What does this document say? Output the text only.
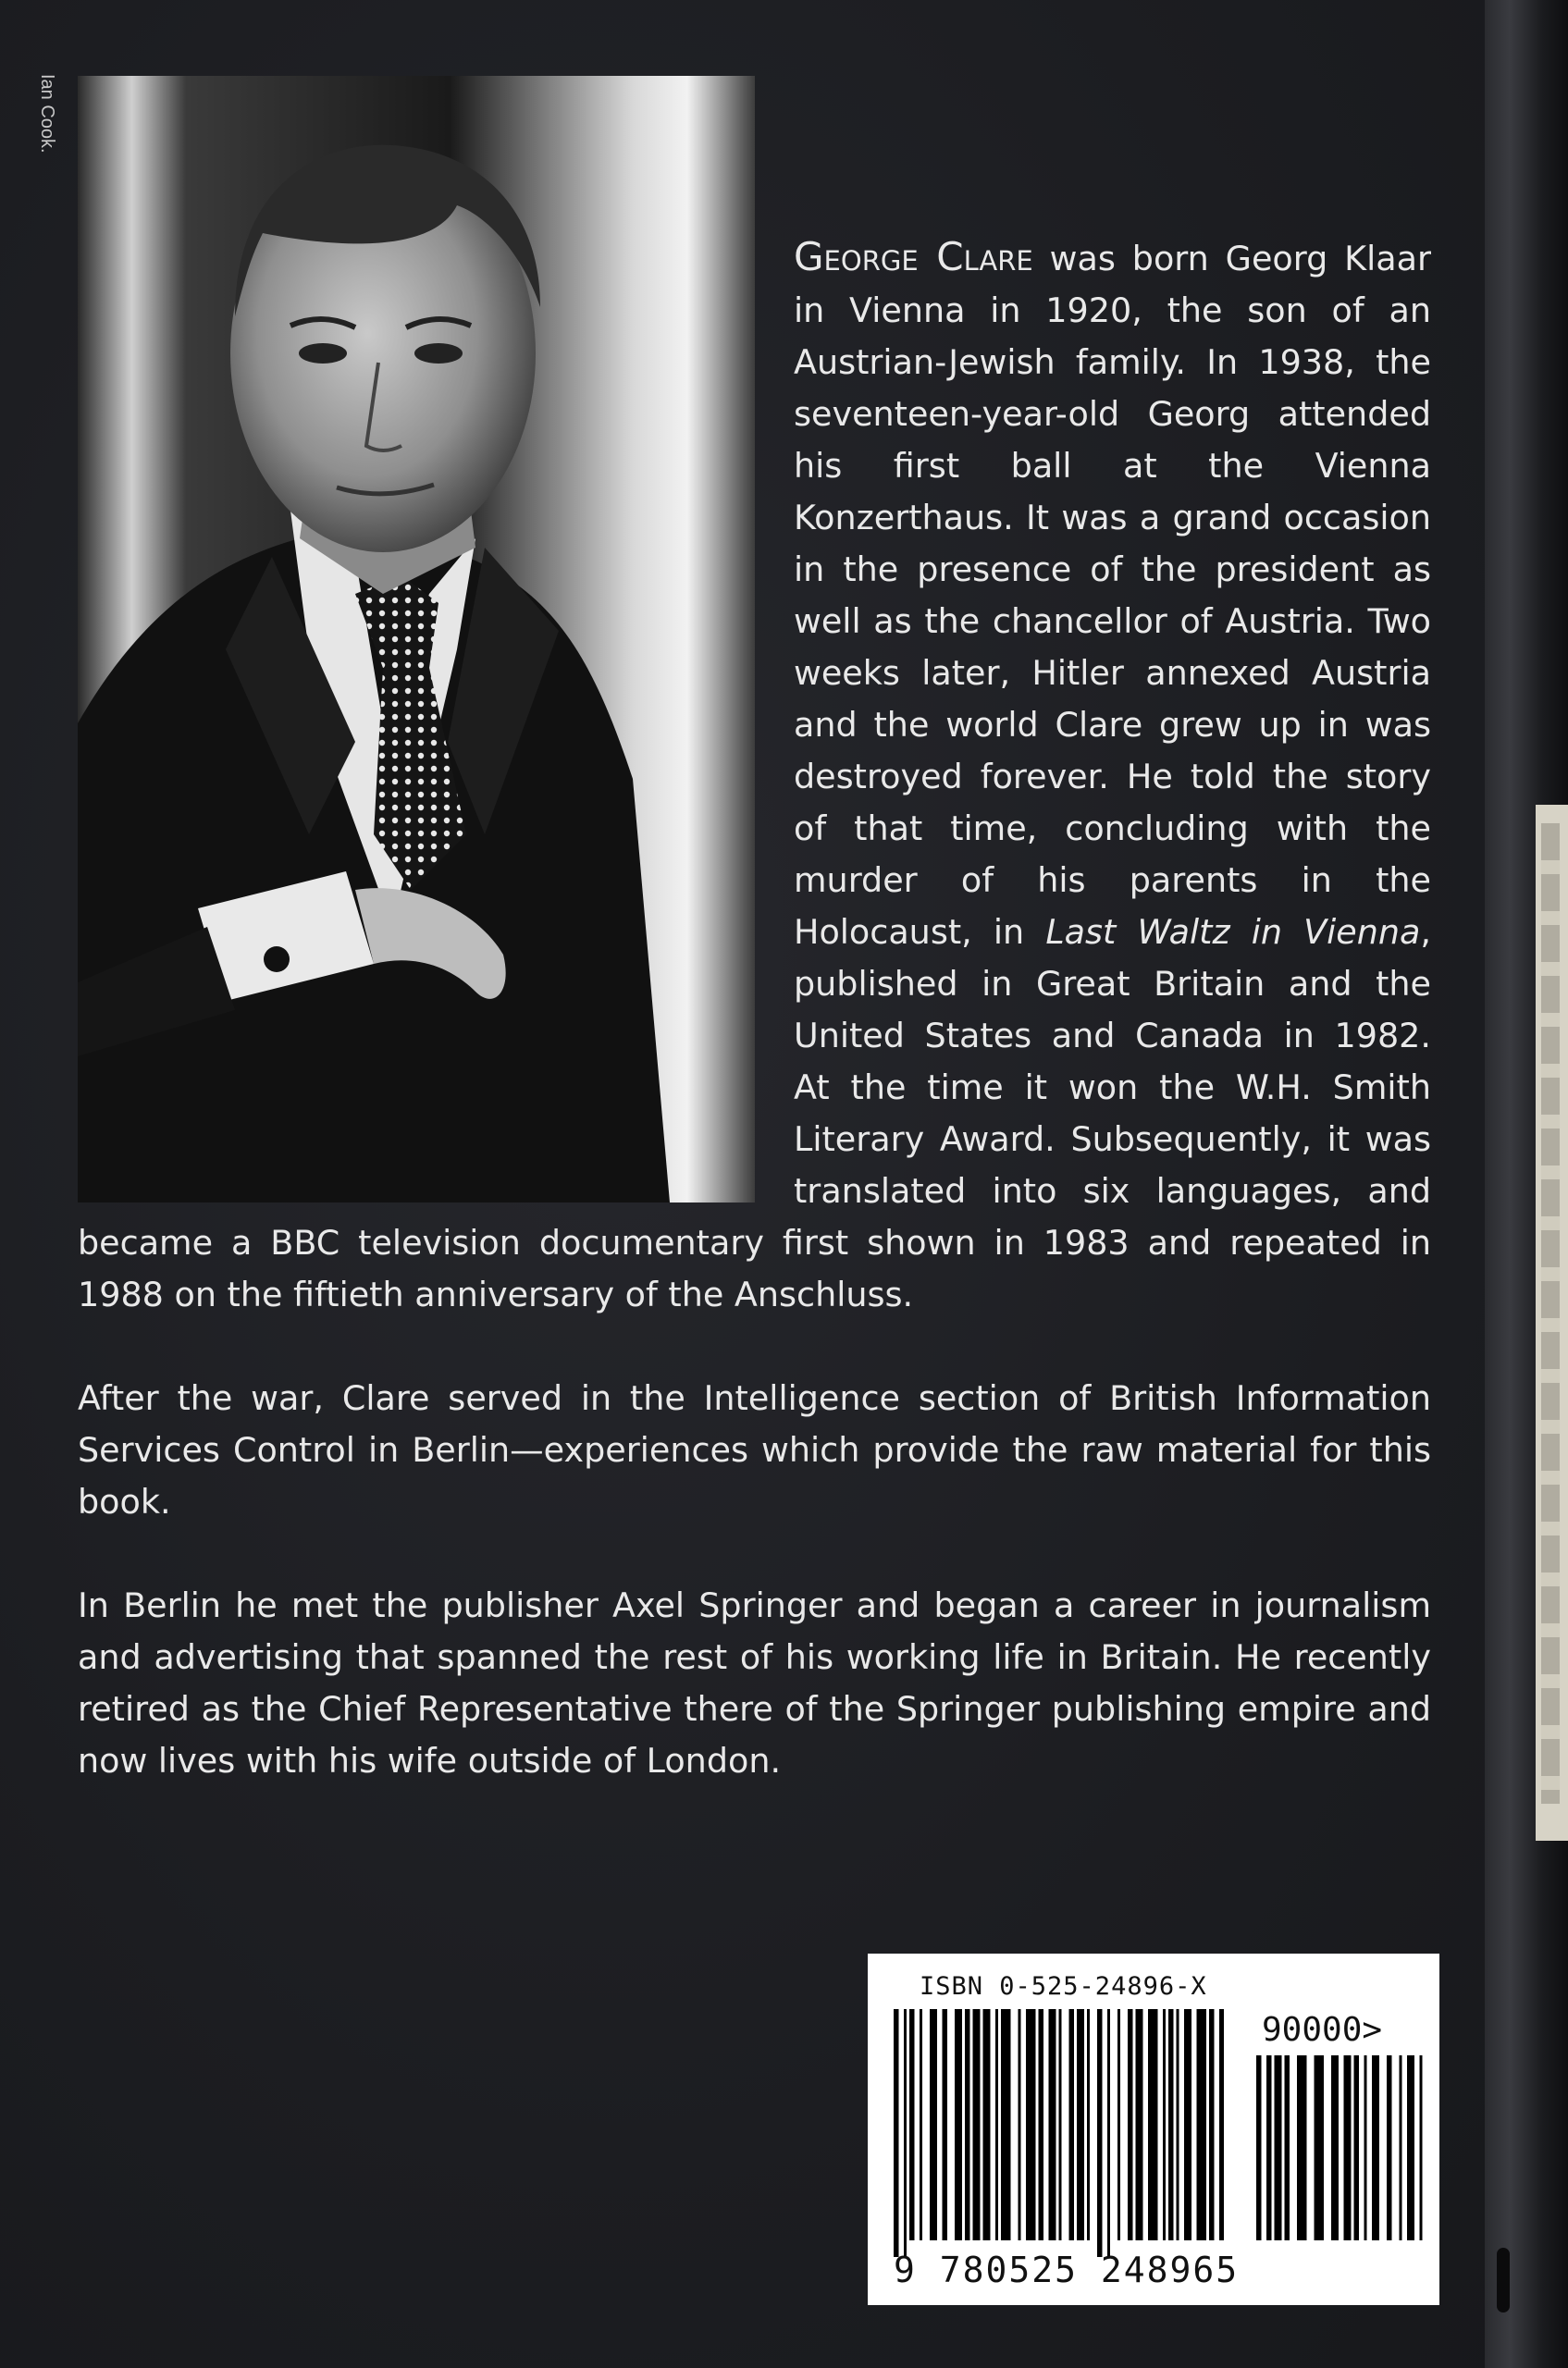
Ian Cook.

George Clare was born Georg Klaar in Vienna in 1920, the son of an Austrian-Jewish family. In 1938, the seventeen-year-old Georg attended his first ball at the Vienna Konzerthaus. It was a grand occasion in the presence of the president as well as the chancellor of Austria. Two weeks later, Hitler annexed Austria and the world Clare grew up in was destroyed forever. He told the story of that time, concluding with the murder of his parents in the Holocaust, in Last Waltz in Vienna, published in Great Britain and the United States and Canada in 1982. At the time it won the W.H. Smith Literary Award. Subsequently, it was translated into six languages, and became a BBC television documentary first shown in 1983 and repeated in 1988 on the fiftieth anniversary of the Anschluss.

After the war, Clare served in the Intelligence section of British Information Services Control in Berlin—experiences which provide the raw material for this book.

In Berlin he met the publisher Axel Springer and began a career in journalism and advertising that spanned the rest of his working life in Britain. He recently retired as the Chief Representative there of the Springer publishing empire and now lives with his wife outside of London.

ISBN 0-525-24896-X
90000>
9 780525 248965
